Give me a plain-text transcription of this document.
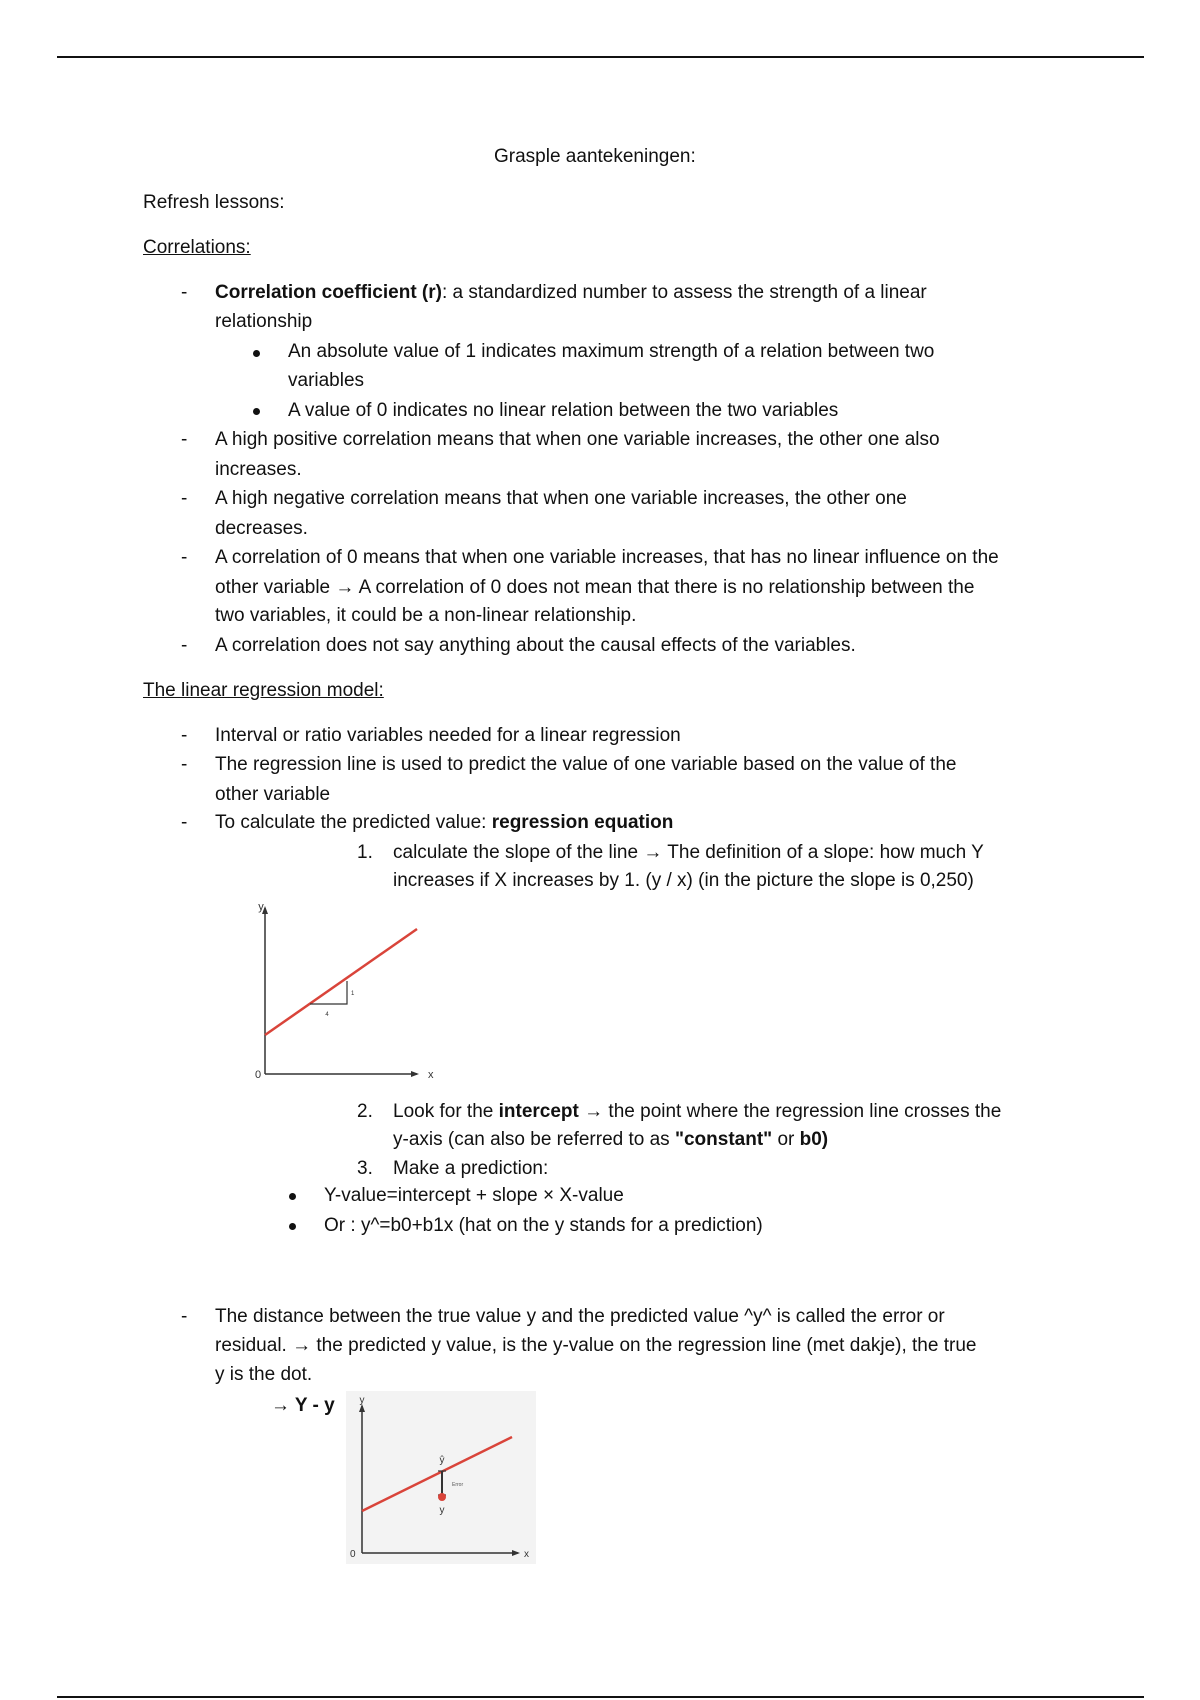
Grasple aantekeningen:
Refresh lessons:
Correlations:
- Correlation coefficient (r): a standardized number to assess the strength of a linear
relationship
An absolute value of 1 indicates maximum strength of a relation between two
variables
A value of 0 indicates no linear relation between the two variables
- A high positive correlation means that when one variable increases, the other one also
increases.
- A high negative correlation means that when one variable increases, the other one
decreases.
- A correlation of 0 means that when one variable increases, that has no linear influence on the
other variable → A correlation of 0 does not mean that there is no relationship between the
two variables, it could be a non-linear relationship.
- A correlation does not say anything about the causal effects of the variables.
The linear regression model:
- Interval or ratio variables needed for a linear regression
- The regression line is used to predict the value of one variable based on the value of the
other variable
- To calculate the predicted value: regression equation
1. calculate the slope of the line → The definition of a slope: how much Y
increases if X increases by 1. (y / x) (in the picture the slope is 0,250)
y
x
0
4
1
2. Look for the intercept → the point where the regression line crosses the
y-axis (can also be referred to as "constant" or b0)
3. Make a prediction:
Y-value=intercept + slope × X-value
Or : y^=b0+b1x (hat on the y stands for a prediction)
- The distance between the true value y and the predicted value ^y^ is called the error or
residual. → the predicted y value, is the y-value on the regression line (met dakje), the true
y is the dot.
→ Y - у y
x
0
ŷ
y
Error
